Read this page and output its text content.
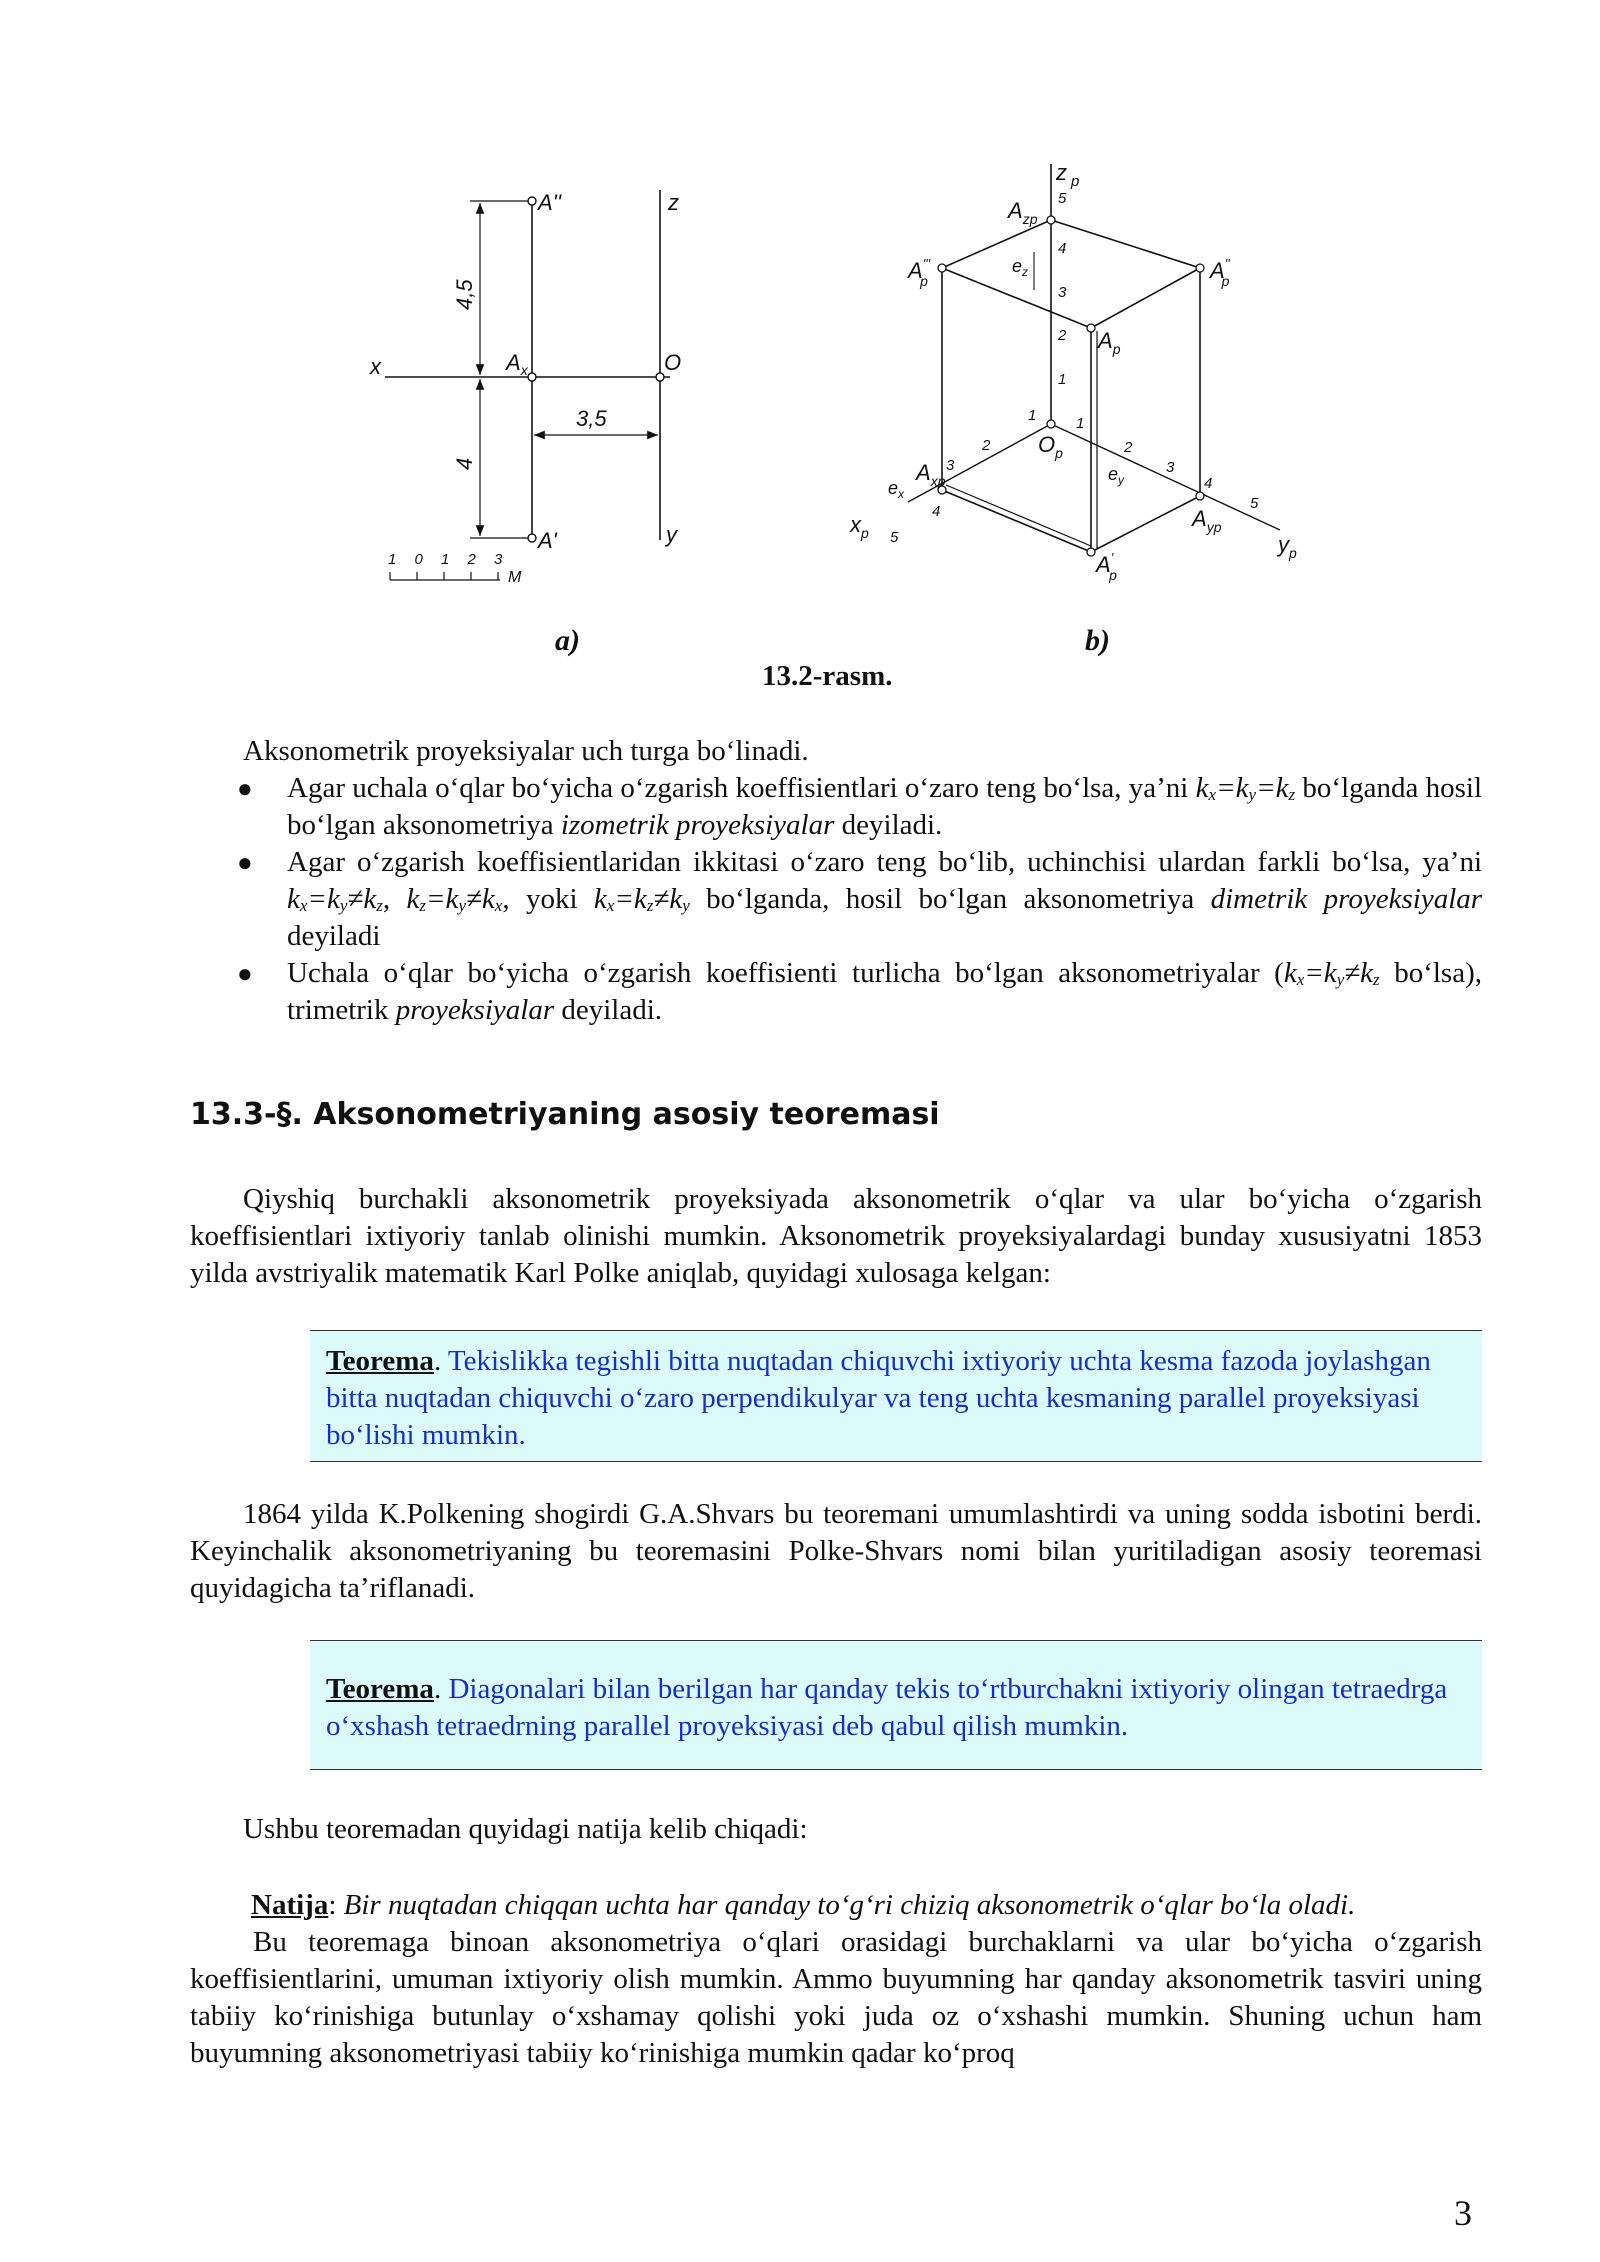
A''	z
x	$A_x$	O
A'	y
4,5
4
3,5
1 0 1 2 3
M
5
4
3
2
1
1
2
3
4
5
1
2
3
4
5
z $_p$
$A_{zp}$
A''' p	A'' p
$A_p$
$O_p$
$A_{xp}$
$A_{yp}$
A' p
$x_p$	$y_p$
$e_z$
$e_x$
$e_y$
a)	b)
13.2-rasm.
Aksonometrik proyeksiyalar uch turga bo‘linadi.
● Agar uchala o‘qlar bo‘yicha o‘zgarish koeffisientlari o‘zaro teng bo‘lsa, ya’ni $k_x=k_y=k_z$ bo‘lganda hosil bo‘lgan aksonometriya izometrik proyeksiyalar deyiladi.
● Agar o‘zgarish koeffisientlaridan ikkitasi o‘zaro teng bo‘lib, uchinchisi ulardan farkli bo‘lsa, ya’ni $k_x=k_y\ne k_z$, $k_z=k_y\ne k_x$, yoki $k_x=k_z\ne k_y$ bo‘lganda, hosil bo‘lgan aksonometriya dimetrik proyeksiyalar deyiladi
● Uchala o‘qlar bo‘yicha o‘zgarish koeffisienti turlicha bo‘lgan aksonometriyalar ($k_x=k_y\ne k_z$ bo‘lsa), trimetrik proyeksiyalar deyiladi.
13.3-§. Aksonometriyaning asosiy teoremasi
Qiyshiq burchakli aksonometrik proyeksiyada aksonometrik o‘qlar va ular bo‘yicha o‘zgarish koeffisientlari ixtiyoriy tanlab olinishi mumkin. Aksonometrik proyeksiyalardagi bunday xususiyatni 1853 yilda avstriyalik matematik Karl Polke aniqlab, quyidagi xulosaga kelgan:
Teorema. Tekislikka tegishli bitta nuqtadan chiquvchi ixtiyoriy uchta kesma fazoda joylashgan bitta nuqtadan chiquvchi o‘zaro perpendikulyar va teng uchta kesmaning parallel proyeksiyasi bo‘lishi mumkin.
1864 yilda K.Polkening shogirdi G.A.Shvars bu teoremani umumlashtirdi va uning sodda isbotini berdi. Keyinchalik aksonometriyaning bu teoremasini Polke-Shvars nomi bilan yuritiladigan asosiy teoremasi quyidagicha ta’riflanadi.
Teorema. Diagonalari bilan berilgan har qanday tekis to‘rtburchakni ixtiyoriy olingan tetraedrga o‘xshash tetraedrning parallel proyeksiyasi deb qabul qilish mumkin.
Ushbu teoremadan quyidagi natija kelib chiqadi:
Natija: Bir nuqtadan chiqqan uchta har qanday to‘g‘ri chiziq aksonometrik o‘qlar bo‘la oladi.
Bu teoremaga binoan aksonometriya o‘qlari orasidagi burchaklarni va ular bo‘yicha o‘zgarish koeffisientlarini, umuman ixtiyoriy olish mumkin. Ammo buyumning har qanday aksonometrik tasviri uning tabiiy ko‘rinishiga butunlay o‘xshamay qolishi yoki juda oz o‘xshashi mumkin. Shuning uchun ham buyumning aksonometriyasi tabiiy ko‘rinishiga mumkin qadar ko‘proq
3
